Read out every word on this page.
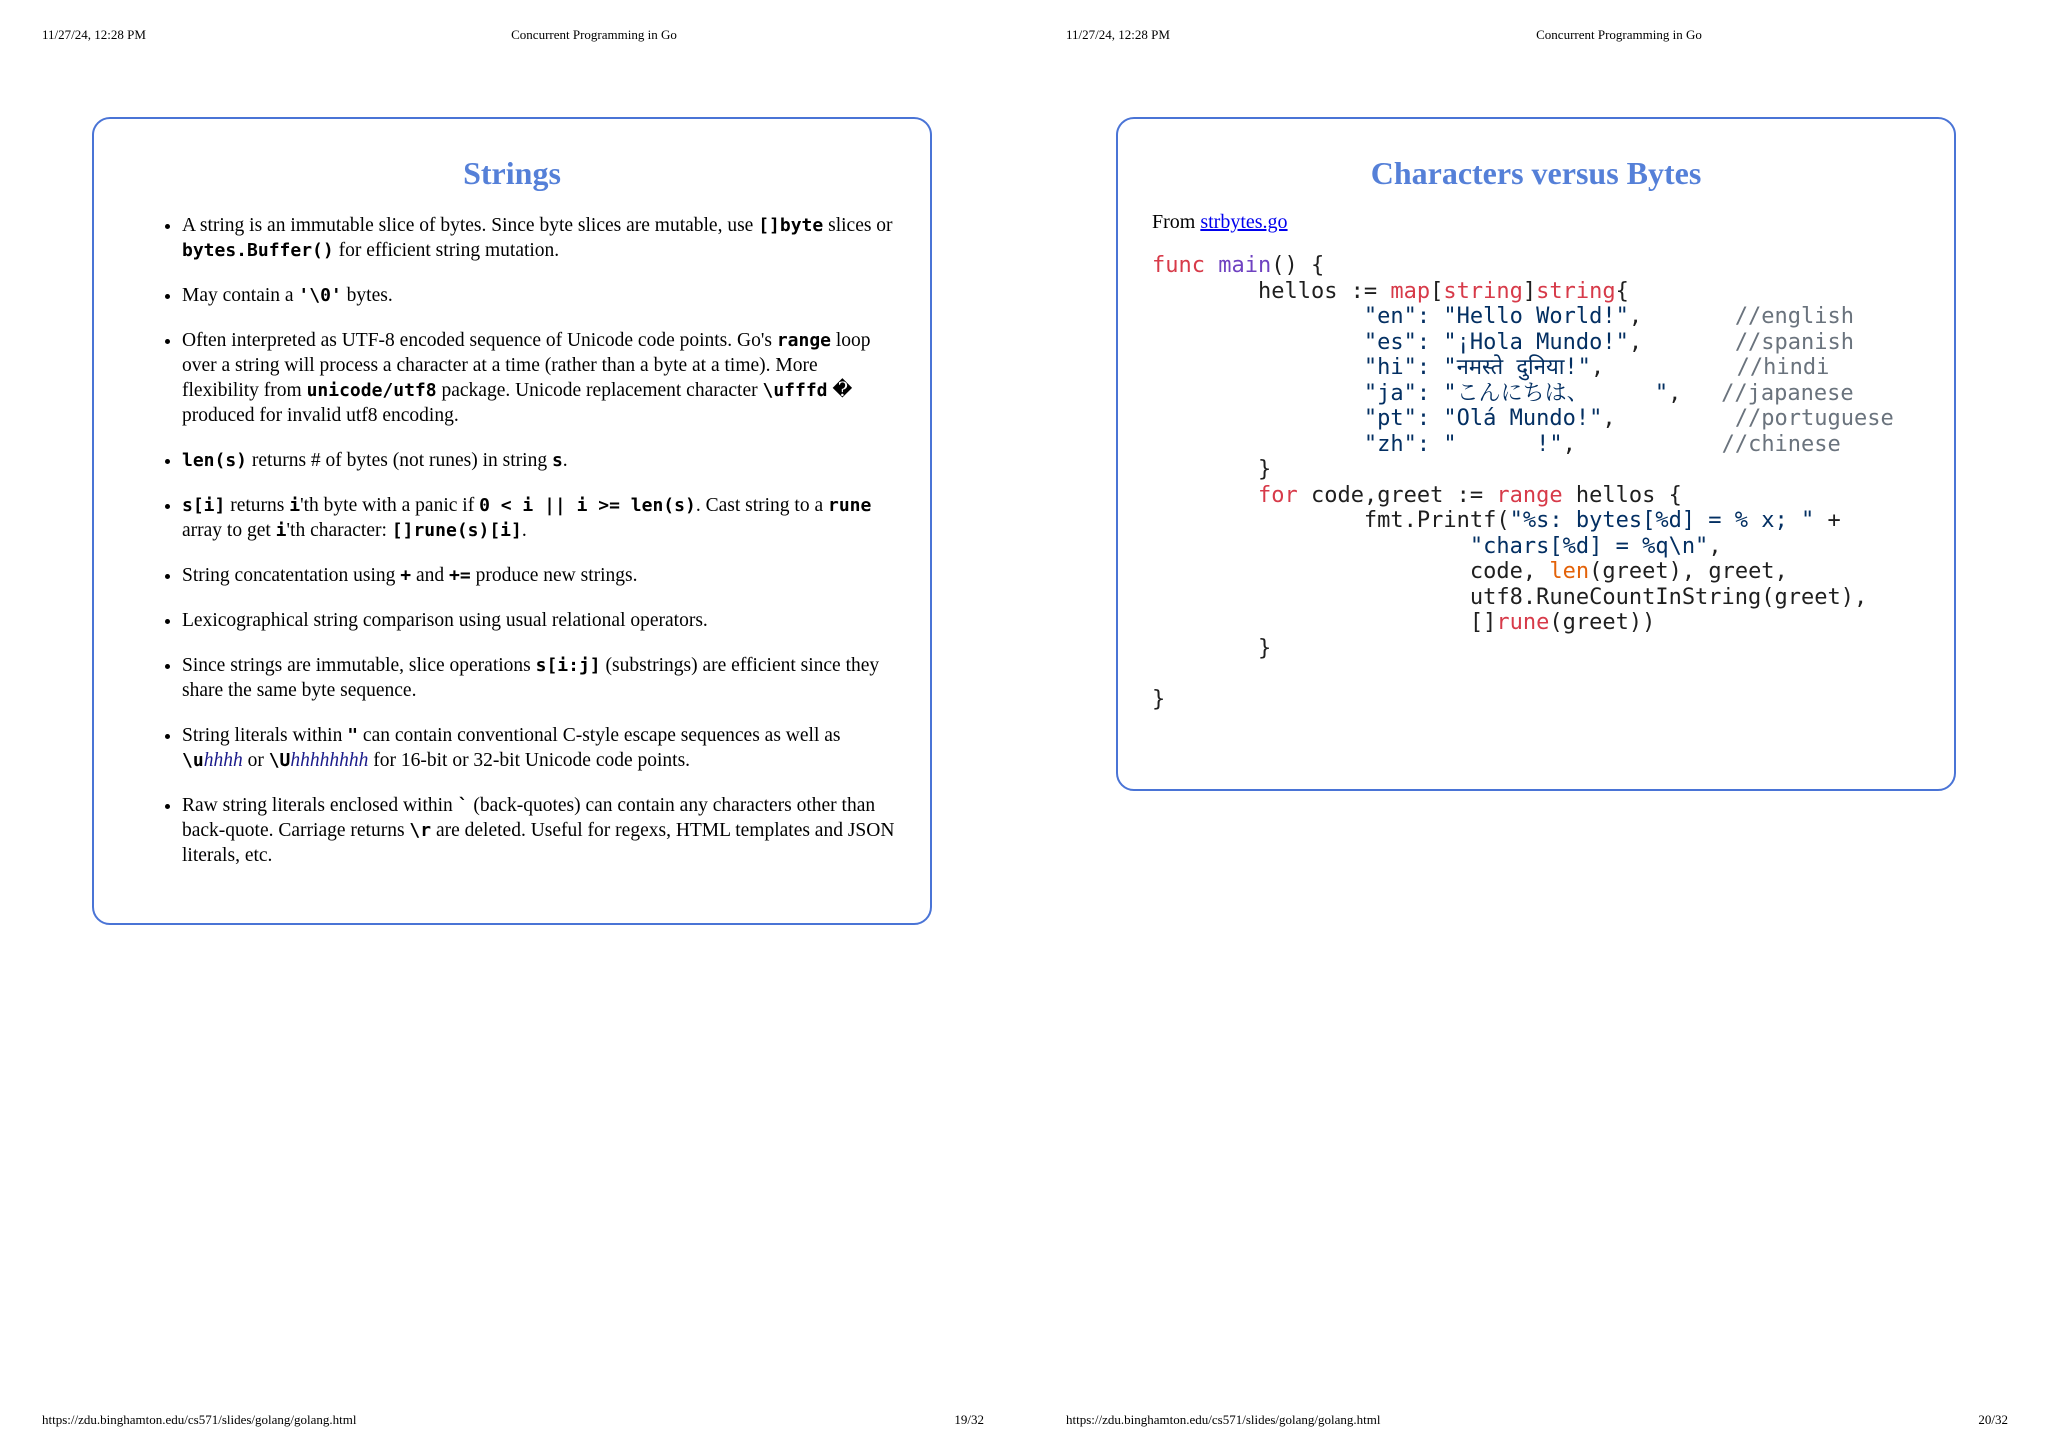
11/27/24, 12:28 PM	Concurrent Programming in Go
Strings
• A string is an immutable slice of bytes. Since byte slices are mutable, use []byte slices or bytes.Buffer() for efficient string mutation.
• May contain a '\0' bytes.
• Often interpreted as UTF-8 encoded sequence of Unicode code points. Go's range loop over a string will process a character at a time (rather than a byte at a time). More flexibility from unicode/utf8 package. Unicode replacement character \ufffd � produced for invalid utf8 encoding.
• len(s) returns # of bytes (not runes) in string s.
• s[i] returns i'th byte with a panic if 0 < i || i >= len(s). Cast string to a rune array to get i'th character: []rune(s)[i].
• String concatentation using + and += produce new strings.
• Lexicographical string comparison using usual relational operators.
• Since strings are immutable, slice operations s[i:j] (substrings) are efficient since they share the same byte sequence.
• String literals within " can contain conventional C-style escape sequences as well as \uhhhh or \Uhhhhhhhh for 16-bit or 32-bit Unicode code points.
• Raw string literals enclosed within ` (back-quotes) can contain any characters other than back-quote. Carriage returns \r are deleted. Useful for regexs, HTML templates and JSON literals, etc.
https://zdu.binghamton.edu/cs571/slides/golang/golang.html	19/32
11/27/24, 12:28 PM	Concurrent Programming in Go
Characters versus Bytes
From strbytes.go
func main() {
hellos := map[string]string{
"en": "Hello World!",       //english
"es": "¡Hola Mundo!",       //spanish
"hi": "नमस्ते दुनिया!",          //hindi
"ja": "こんにちは、     ",   //japanese
"pt": "Olá Mundo!",         //portuguese
"zh": "      !",           //chinese
}
for code,greet := range hellos {
fmt.Printf("%s: bytes[%d] = % x; " +
"chars[%d] = %q\n",
code, len(greet), greet,
utf8.RuneCountInString(greet),
[]rune(greet))
}

}
https://zdu.binghamton.edu/cs571/slides/golang/golang.html	20/32
